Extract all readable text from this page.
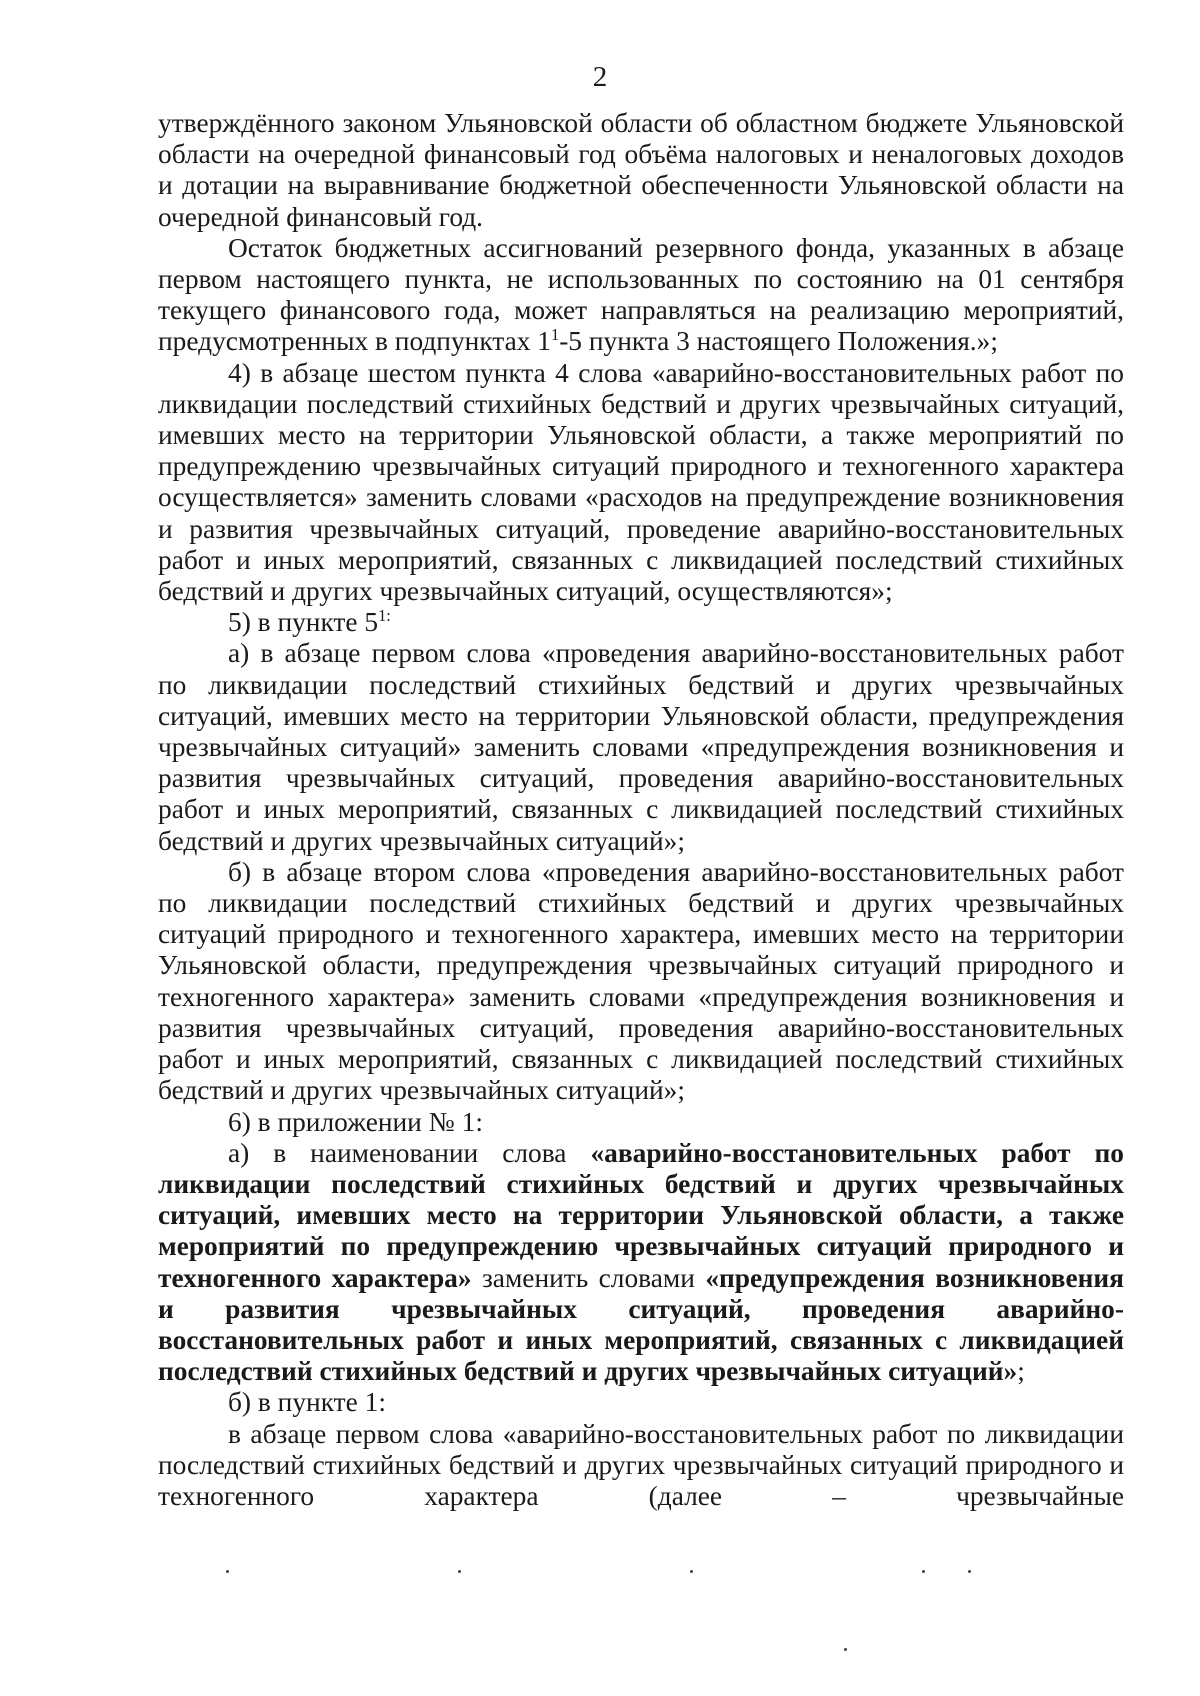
2

утверждённого законом Ульяновской области об областном бюджете Ульяновской области на очередной финансовый год объёма налоговых и неналоговых доходов и дотации на выравнивание бюджетной обеспеченности Ульяновской области на очередной финансовый год.

Остаток бюджетных ассигнований резервного фонда, указанных в абзаце первом настоящего пункта, не использованных по состоянию на 01 сентября текущего финансового года, может направляться на реализацию мероприятий, предусмотренных в подпунктах $1^1-5$ пункта 3 настоящего Положения.»;

4) в абзаце шестом пункта 4 слова «аварийно-восстановительных работ по ликвидации последствий стихийных бедствий и других чрезвычайных ситуаций, имевших место на территории Ульяновской области, а также мероприятий по предупреждению чрезвычайных ситуаций природного и техногенного характера осуществляется» заменить словами «расходов на предупреждение возникновения и развития чрезвычайных ситуаций, проведение аварийно-восстановительных работ и иных мероприятий, связанных с ликвидацией последствий стихийных бедствий и других чрезвычайных ситуаций, осуществляются»;

5) в пункте $5^{1:}$

а) в абзаце первом слова «проведения аварийно-восстановительных работ по ликвидации последствий стихийных бедствий и других чрезвычайных ситуаций, имевших место на территории Ульяновской области, предупреждения чрезвычайных ситуаций» заменить словами «предупреждения возникновения и развития чрезвычайных ситуаций, проведения аварийно-восстановительных работ и иных мероприятий, связанных с ликвидацией последствий стихийных бедствий и других чрезвычайных ситуаций»;

б) в абзаце втором слова «проведения аварийно-восстановительных работ по ликвидации последствий стихийных бедствий и других чрезвычайных ситуаций природного и техногенного характера, имевших место на территории Ульяновской области, предупреждения чрезвычайных ситуаций природного и техногенного характера» заменить словами «предупреждения возникновения и развития чрезвычайных ситуаций, проведения аварийно-восстановительных работ и иных мероприятий, связанных с ликвидацией последствий стихийных бедствий и других чрезвычайных ситуаций»;

6) в приложении № 1:

а) в наименовании слова «аварийно-восстановительных работ по ликвидации последствий стихийных бедствий и других чрезвычайных ситуаций, имевших место на территории Ульяновской области, а также мероприятий по предупреждению чрезвычайных ситуаций природного и техногенного характера» заменить словами «предупреждения возникновения и развития чрезвычайных ситуаций, проведения аварийно-восстановительных работ и иных мероприятий, связанных с ликвидацией последствий стихийных бедствий и других чрезвычайных ситуаций»;

б) в пункте 1:

в абзаце первом слова «аварийно-восстановительных работ по ликвидации последствий стихийных бедствий и других чрезвычайных ситуаций природного и техногенного характера (далее – чрезвычайные
